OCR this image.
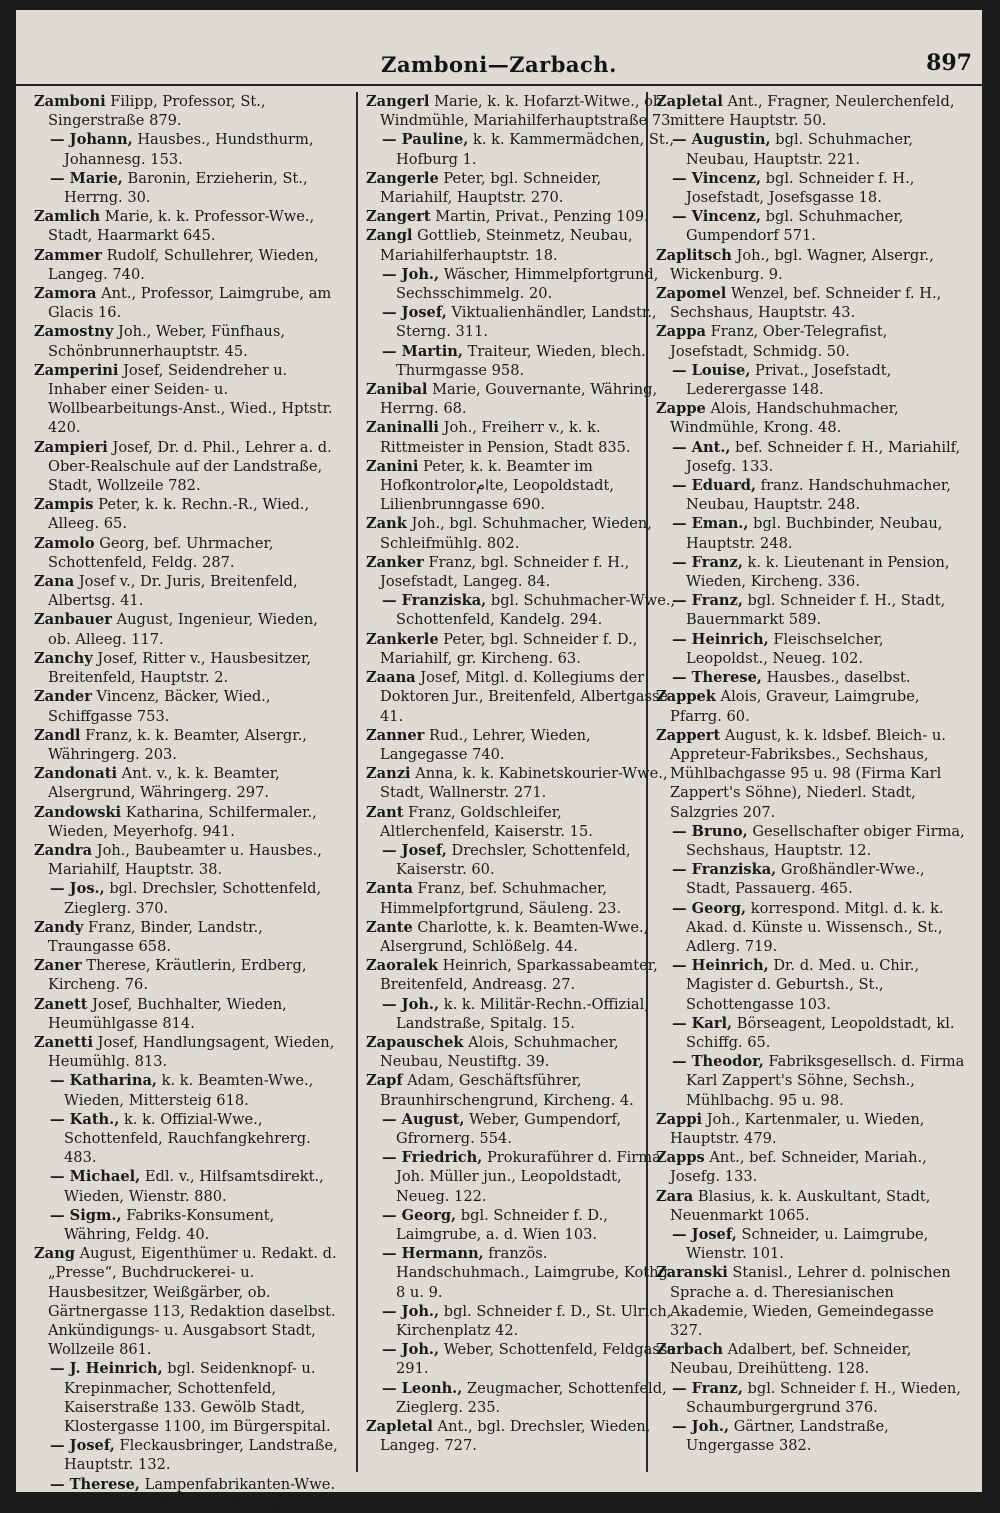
Zamboni—Zarbach.	897
Zamboni Filipp, Professor, St., Singerstraße 879.
— Johann, Hausbes., Hundsthurm, Johannesg. 153.
— Marie, Baronin, Erzieherin, St., Herrng. 30.
Zamlich Marie, k. k. Professor-Wwe., Stadt, Haarmarkt 645.
Zammer Rudolf, Schullehrer, Wieden, Langeg. 740.
Zamora Ant., Professor, Laimgrube, am Glacis 16.
Zamostny Joh., Weber, Fünfhaus, Schönbrunnerhauptstr. 45.
Zamperini Josef, Seidendreher u. Inhaber einer Seiden- u. Wollbearbeitungs-Anst., Wied., Hptstr. 420.
Zampieri Josef, Dr. d. Phil., Lehrer a. d. Ober-Realschule auf der Landstraße, Stadt, Wollzeile 782.
Zampis Peter, k. k. Rechn.-R., Wied., Alleeg. 65.
Zamolo Georg, bef. Uhrmacher, Schottenfeld, Feldg. 287.
Zana Josef v., Dr. Juris, Breitenfeld, Albertsg. 41.
Zanbauer August, Ingenieur, Wieden, ob. Alleeg. 117.
Zanchy Josef, Ritter v., Hausbesitzer, Breitenfeld, Hauptstr. 2.
Zander Vincenz, Bäcker, Wied., Schiffgasse 753.
Zandl Franz, k. k. Beamter, Alsergr., Währingerg. 203.
Zandonati Ant. v., k. k. Beamter, Alsergrund, Währingerg. 297.
Zandowski Katharina, Schilfermaler., Wieden, Meyerhofg. 941.
Zandra Joh., Baubeamter u. Hausbes., Mariahilf, Hauptstr. 38.
— Jos., bgl. Drechsler, Schottenfeld, Zieglerg. 370.
Zandy Franz, Binder, Landstr., Traungasse 658.
Zaner Therese, Kräutlerin, Erdberg, Kircheng. 76.
Zanett Josef, Buchhalter, Wieden, Heumühlgasse 814.
Zanetti Josef, Handlungsagent, Wieden, Heumühlg. 813.
— Katharina, k. k. Beamten-Wwe., Wieden, Mittersteig 618.
— Kath., k. k. Offizial-Wwe., Schottenfeld, Rauchfangkehrerg. 483.
— Michael, Edl. v., Hilfsamtsdirekt., Wieden, Wienstr. 880.
— Sigm., Fabriks-Konsument, Währing, Feldg. 40.
Zang August, Eigenthümer u. Redakt. d. „Presse“, Buchdruckerei- u. Hausbesitzer, Weißgärber, ob. Gärtnergasse 113, Redaktion daselbst. Ankündigungs- u. Ausgabsort Stadt, Wollzeile 861.
— J. Heinrich, bgl. Seidenknopf- u. Krepinmacher, Schottenfeld, Kaiserstraße 133. Gewölb Stadt, Klostergasse 1100, im Bürgerspital.
— Josef, Fleckausbringer, Landstraße, Hauptstr. 132.
— Therese, Lampenfabrikanten-Wwe. u. Hausbes., Neubau, Stuckg. 150.
Zangerl Marie, k. k. Hofarzt-Witwe., ob. Windmühle, Mariahilferhauptstraße 73.
— Pauline, k. k. Kammermädchen, St., Hofburg 1.
Zangerle Peter, bgl. Schneider, Mariahilf, Hauptstr. 270.
Zangert Martin, Privat., Penzing 109.
Zangl Gottlieb, Steinmetz, Neubau, Mariahilferhauptstr. 18.
— Joh., Wäscher, Himmelpfortgrund, Sechsschimmelg. 20.
— Josef, Viktualienhändler, Landstr., Sterng. 311.
— Martin, Traiteur, Wieden, blech. Thurmgasse 958.
Zanibal Marie, Gouvernante, Währing, Herrng. 68.
Zaninalli Joh., Freiherr v., k. k. Rittmeister in Pension, Stadt 835.
Zanini Peter, k. k. Beamter im Hofkontrolorامte, Leopoldstadt, Lilienbrunngasse 690.
Zank Joh., bgl. Schuhmacher, Wieden, Schleifmühlg. 802.
Zanker Franz, bgl. Schneider f. H., Josefstadt, Langeg. 84.
— Franziska, bgl. Schuhmacher-Wwe., Schottenfeld, Kandelg. 294.
Zankerle Peter, bgl. Schneider f. D., Mariahilf, gr. Kircheng. 63.
Zaana Josef, Mitgl. d. Kollegiums der Doktoren Jur., Breitenfeld, Albertgasse 41.
Zanner Rud., Lehrer, Wieden, Langegasse 740.
Zanzi Anna, k. k. Kabinetskourier-Wwe., Stadt, Wallnerstr. 271.
Zant Franz, Goldschleifer, Altlerchenfeld, Kaiserstr. 15.
— Josef, Drechsler, Schottenfeld, Kaiserstr. 60.
Zanta Franz, bef. Schuhmacher, Himmelpfortgrund, Säuleng. 23.
Zante Charlotte, k. k. Beamten-Wwe., Alsergrund, Schlößelg. 44.
Zaoralek Heinrich, Sparkassabeamter, Breitenfeld, Andreasg. 27.
— Joh., k. k. Militär-Rechn.-Offizial, Landstraße, Spitalg. 15.
Zapauschek Alois, Schuhmacher, Neubau, Neustiftg. 39.
Zapf Adam, Geschäftsführer, Braunhirschengrund, Kircheng. 4.
— August, Weber, Gumpendorf, Gfrornerg. 554.
— Friedrich, Prokuraführer d. Firma Joh. Müller jun., Leopoldstadt, Neueg. 122.
— Georg, bgl. Schneider f. D., Laimgrube, a. d. Wien 103.
— Hermann, französ. Handschuhmach., Laimgrube, Kothg. 8 u. 9.
— Joh., bgl. Schneider f. D., St. Ulrich, Kirchenplatz 42.
— Joh., Weber, Schottenfeld, Feldgasse 291.
— Leonh., Zeugmacher, Schottenfeld, Zieglerg. 235.
Zapletal Ant., bgl. Drechsler, Wieden, Langeg. 727.
Zapletal Ant., Fragner, Neulerchenfeld, mittere Hauptstr. 50.
— Augustin, bgl. Schuhmacher, Neubau, Hauptstr. 221.
— Vincenz, bgl. Schneider f. H., Josefstadt, Josefsgasse 18.
— Vincenz, bgl. Schuhmacher, Gumpendorf 571.
Zaplitsch Joh., bgl. Wagner, Alsergr., Wickenburg. 9.
Zapomel Wenzel, bef. Schneider f. H., Sechshaus, Hauptstr. 43.
Zappa Franz, Ober-Telegrafist, Josefstadt, Schmidg. 50.
— Louise, Privat., Josefstadt, Lederergasse 148.
Zappe Alois, Handschuhmacher, Windmühle, Krong. 48.
— Ant., bef. Schneider f. H., Mariahilf, Josefg. 133.
— Eduard, franz. Handschuhmacher, Neubau, Hauptstr. 248.
— Eman., bgl. Buchbinder, Neubau, Hauptstr. 248.
— Franz, k. k. Lieutenant in Pension, Wieden, Kircheng. 336.
— Franz, bgl. Schneider f. H., Stadt, Bauernmarkt 589.
— Heinrich, Fleischselcher, Leopoldst., Neueg. 102.
— Therese, Hausbes., daselbst.
Zappek Alois, Graveur, Laimgrube, Pfarrg. 60.
Zappert August, k. k. ldsbef. Bleich- u. Appreteur-Fabriksbes., Sechshaus, Mühlbachgasse 95 u. 98 (Firma Karl Zappert's Söhne), Niederl. Stadt, Salzgries 207.
— Bruno, Gesellschafter obiger Firma, Sechshaus, Hauptstr. 12.
— Franziska, Großhändler-Wwe., Stadt, Passauerg. 465.
— Georg, korrespond. Mitgl. d. k. k. Akad. d. Künste u. Wissensch., St., Adlerg. 719.
— Heinrich, Dr. d. Med. u. Chir., Magister d. Geburtsh., St., Schottengasse 103.
— Karl, Börseagent, Leopoldstadt, kl. Schiffg. 65.
— Theodor, Fabriksgesellsch. d. Firma Karl Zappert's Söhne, Sechsh., Mühlbachg. 95 u. 98.
Zappi Joh., Kartenmaler, u. Wieden, Hauptstr. 479.
Zapps Ant., bef. Schneider, Mariah., Josefg. 133.
Zara Blasius, k. k. Auskultant, Stadt, Neuenmarkt 1065.
— Josef, Schneider, u. Laimgrube, Wienstr. 101.
Zaranski Stanisl., Lehrer d. polnischen Sprache a. d. Theresianischen Akademie, Wieden, Gemeindegasse 327.
Zarbach Adalbert, bef. Schneider, Neubau, Dreihütteng. 128.
— Franz, bgl. Schneider f. H., Wieden, Schaumburgergrund 376.
— Joh., Gärtner, Landstraße, Ungergasse 382.
